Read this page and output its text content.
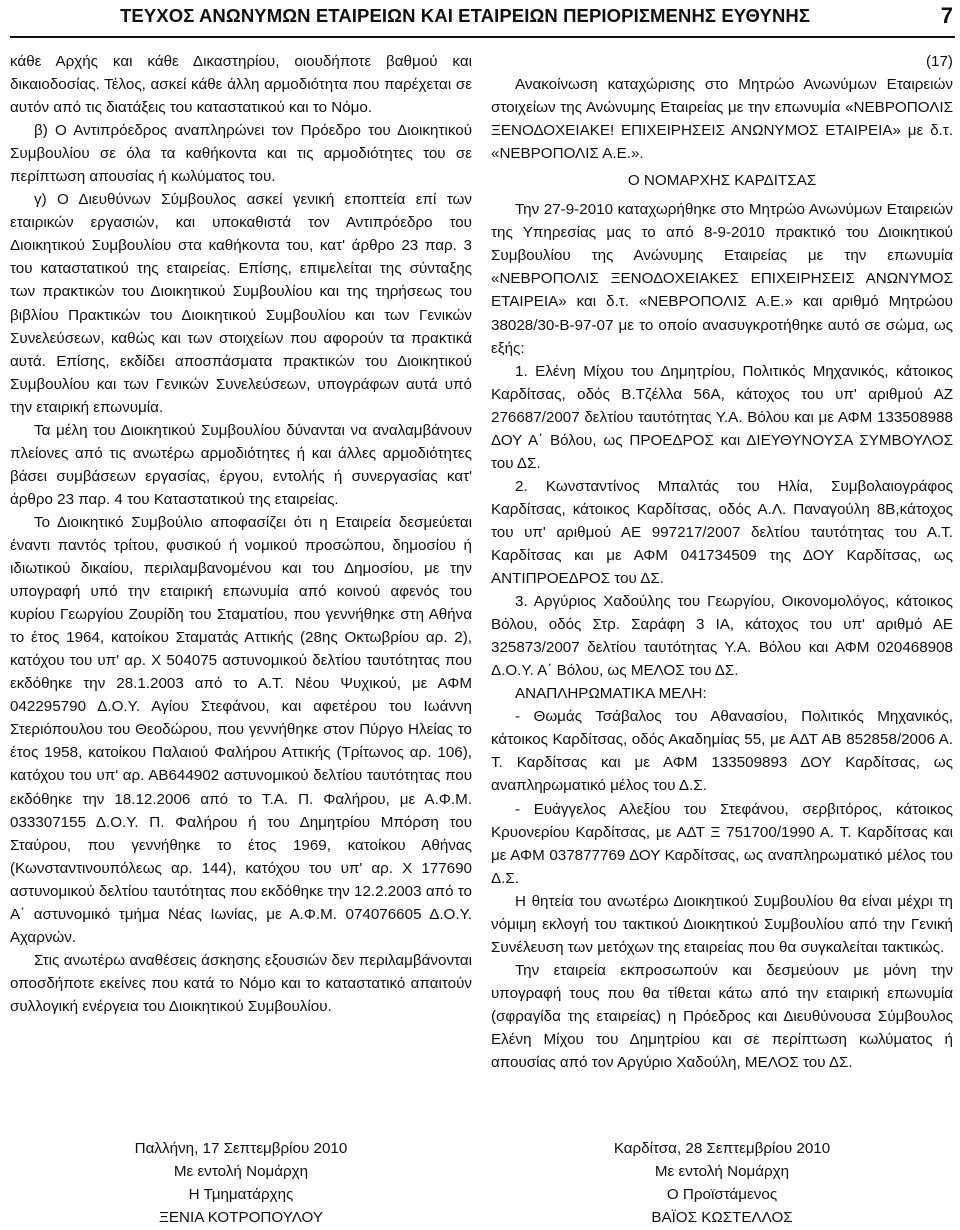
ΤΕΥΧΟΣ ΑΝΩΝΥΜΩΝ ΕΤΑΙΡΕΙΩΝ ΚΑΙ ΕΤΑΙΡΕΙΩΝ ΠΕΡΙΟΡΙΣΜΕΝΗΣ ΕΥΘΥΝΗΣ	7

κάθε Αρχής και κάθε Δικαστηρίου, οιουδήποτε βαθμού και δικαιοδοσίας. Τέλος, ασκεί κάθε άλλη αρμοδιότητα που παρέχεται σε αυτόν από τις διατάξεις του καταστατικού και το Νόμο.

β) Ο Αντιπρόεδρος αναπληρώνει τον Πρόεδρο του Διοικητικού Συμβουλίου σε όλα τα καθήκοντα και τις αρμοδιότητες του σε περίπτωση απουσίας ή κωλύματος του.

γ) Ο Διευθύνων Σύμβουλος ασκεί γενική εποπτεία επί των εταιρικών εργασιών, και υποκαθιστά τον Αντιπρόεδρο του Διοικητικού Συμβουλίου στα καθήκοντα του, κατ' άρθρο 23 παρ. 3 του καταστατικού της εταιρείας. Επίσης, επιμελείται της σύνταξης των πρακτικών του Διοικητικού Συμβουλίου και της τηρήσεως του βιβλίου Πρακτικών του Διοικητικού Συμβουλίου και των Γενικών Συνελεύσεων, καθώς και των στοιχείων που αφορούν τα πρακτικά αυτά. Επίσης, εκδίδει αποσπάσματα πρακτικών του Διοικητικού Συμβουλίου και των Γενικών Συνελεύσεων, υπογράφων αυτά υπό την εταιρική επωνυμία.

Τα μέλη του Διοικητικού Συμβουλίου δύνανται να αναλαμβάνουν πλείονες από τις ανωτέρω αρμοδιότητες ή και άλλες αρμοδιότητες βάσει συμβάσεων εργασίας, έργου, εντολής ή συνεργασίας κατ' άρθρο 23 παρ. 4 του Καταστατικού της εταιρείας.

Το Διοικητικό Συμβούλιο αποφασίζει ότι η Εταιρεία δεσμεύεται έναντι παντός τρίτου, φυσικού ή νομικού προσώπου, δημοσίου ή ιδιωτικού δικαίου, περιλαμβανομένου και του Δημοσίου, με την υπογραφή υπό την εταιρική επωνυμία από κοινού αφενός του κυρίου Γεωργίου Ζουρίδη του Σταματίου, που γεννήθηκε στη Αθήνα το έτος 1964, κατοίκου Σταματάς Αττικής (28ης Οκτωβρίου αρ. 2), κατόχου του υπ' αρ. Χ 504075 αστυνομικού δελτίου ταυτότητας που εκδόθηκε την 28.1.2003 από το Α.Τ. Νέου Ψυχικού, με ΑΦΜ 042295790 Δ.Ο.Υ. Αγίου Στεφάνου, και αφετέρου του Ιωάννη Στεριόπουλου του Θεοδώρου, που γεννήθηκε στον Πύργο Ηλείας το έτος 1958, κατοίκου Παλαιού Φαλήρου Αττικής (Τρίτωνος αρ. 106), κατόχου του υπ' αρ. ΑΒ644902 αστυνομικού δελτίου ταυτότητας που εκδόθηκε την 18.12.2006 από το Τ.Α. Π. Φαλήρου, με Α.Φ.Μ. 033307155 Δ.Ο.Υ. Π. Φαλήρου ή του Δημητρίου Μπόρση του Σταύρου, που γεννήθηκε το έτος 1969, κατοίκου Αθήνας (Κωνσταντινουπόλεως αρ. 144), κατόχου του υπ' αρ. Χ 177690 αστυνομικού δελτίου ταυτότητας που εκδόθηκε την 12.2.2003 από το Α΄ αστυνομικό τμήμα Νέας Ιωνίας, με Α.Φ.Μ. 074076605 Δ.Ο.Υ. Αχαρνών.

Στις ανωτέρω αναθέσεις άσκησης εξουσιών δεν περιλαμβάνονται οποσδήποτε εκείνες που κατά το Νόμο και το καταστατικό απαιτούν συλλογική ενέργεια του Διοικητικού Συμβουλίου.

(17)

Ανακοίνωση καταχώρισης στο Μητρώο Ανωνύμων Εταιρειών στοιχείων της Ανώνυμης Εταιρείας με την επωνυμία «ΝΕΒΡΟΠΟΛΙΣ ΞΕΝΟΔΟΧΕΙΑΚΕ! ΕΠΙΧΕΙΡΗΣΕΙΣ ΑΝΩΝΥΜΟΣ ΕΤΑΙΡΕΙΑ» με δ.τ. «ΝΕΒΡΟΠΟΛΙΣ Α.Ε.».

Ο ΝΟΜΑΡΧΗΣ ΚΑΡΔΙΤΣΑΣ

Την 27-9-2010 καταχωρήθηκε στο Μητρώο Ανωνύμων Εταιρειών της Υπηρεσίας μας το από 8-9-2010 πρακτικό του Διοικητικού Συμβουλίου της Ανώνυμης Εταιρείας με την επωνυμία «ΝΕΒΡΟΠΟΛΙΣ ΞΕΝΟΔΟΧΕΙΑΚΕΣ ΕΠΙΧΕΙΡΗΣΕΙΣ ΑΝΩΝΥΜΟΣ ΕΤΑΙΡΕΙΑ» και δ.τ. «ΝΕΒΡΟΠΟΛΙΣ Α.Ε.» και αριθμό Μητρώου 38028/30-Β-97-07 με το οποίο ανασυγκροτήθηκε αυτό σε σώμα, ως εξής:

1. Ελένη Μίχου του Δημητρίου, Πολιτικός Μηχανικός, κάτοικος Καρδίτσας, οδός Β.Τζέλλα 56Α, κάτοχος του υπ' αριθμού ΑΖ 276687/2007 δελτίου ταυτότητας Υ.Α. Βόλου και με ΑΦΜ 133508988 ΔΟΥ Α΄ Βόλου, ως ΠΡΟΕΔΡΟΣ και ΔΙΕΥΘΥΝΟΥΣΑ ΣΥΜΒΟΥΛΟΣ του ΔΣ.

2. Κωνσταντίνος Μπαλτάς του Ηλία, Συμβολαιογράφος Καρδίτσας, κάτοικος Καρδίτσας, οδός Α.Λ. Παναγούλη 8Β,κάτοχος του υπ' αριθμού ΑΕ 997217/2007 δελτίου ταυτότητας του Α.Τ. Καρδίτσας και με ΑΦΜ 041734509 της ΔΟΥ Καρδίτσας, ως ΑΝΤΙΠΡΟΕΔΡΟΣ του ΔΣ.

3. Αργύριος Χαδούλης του Γεωργίου, Οικονομολόγος, κάτοικος Βόλου, οδός Στρ. Σαράφη 3 ΙΑ, κάτοχος του υπ' αριθμό ΑΕ 325873/2007 δελτίου ταυτότητας Υ.Α. Βόλου και ΑΦΜ 020468908 Δ.Ο.Υ. Α΄ Βόλου, ως ΜΕΛΟΣ του ΔΣ.

ΑΝΑΠΛΗΡΩΜΑΤΙΚΑ ΜΕΛΗ:

- Θωμάς Τσάβαλος του Αθανασίου, Πολιτικός Μηχανικός, κάτοικος Καρδίτσας, οδός Ακαδημίας 55, με ΑΔΤ ΑΒ 852858/2006 Α. Τ. Καρδίτσας και με ΑΦΜ 133509893 ΔΟΥ Καρδίτσας, ως αναπληρωματικό μέλος του Δ.Σ.

- Ευάγγελος Αλεξίου του Στεφάνου, σερβιτόρος, κάτοικος Κρυονερίου Καρδίτσας, με ΑΔΤ Ξ 751700/1990 Α. Τ. Καρδίτσας και με ΑΦΜ 037877769 ΔΟΥ Καρδίτσας, ως αναπληρωματικό μέλος του Δ.Σ.

Η θητεία του ανωτέρω Διοικητικού Συμβουλίου θα είναι μέχρι τη νόμιμη εκλογή του τακτικού Διοικητικού Συμβουλίου από την Γενική Συνέλευση των μετόχων της εταιρείας που θα συγκαλείται τακτικώς.

Την εταιρεία εκπροσωπούν και δεσμεύουν με μόνη την υπογραφή τους που θα τίθεται κάτω από την εταιρική επωνυμία (σφραγίδα της εταιρείας) η Πρόεδρος και Διευθύνουσα Σύμβουλος Ελένη Μίχου του Δημητρίου και σε περίπτωση κωλύματος ή απουσίας από τον Αργύριο Χαδούλη, ΜΕΛΟΣ του ΔΣ.

Παλλήνη, 17 Σεπτεμβρίου 2010
Με εντολή Νομάρχη
Η Τμηματάρχης
ΞΕΝΙΑ ΚΟΤΡΟΠΟΥΛΟΥ
Καρδίτσα, 28 Σεπτεμβρίου 2010
Με εντολή Νομάρχη
Ο Προϊστάμενος
ΒΑΪΟΣ ΚΩΣΤΕΛΛΟΣ
